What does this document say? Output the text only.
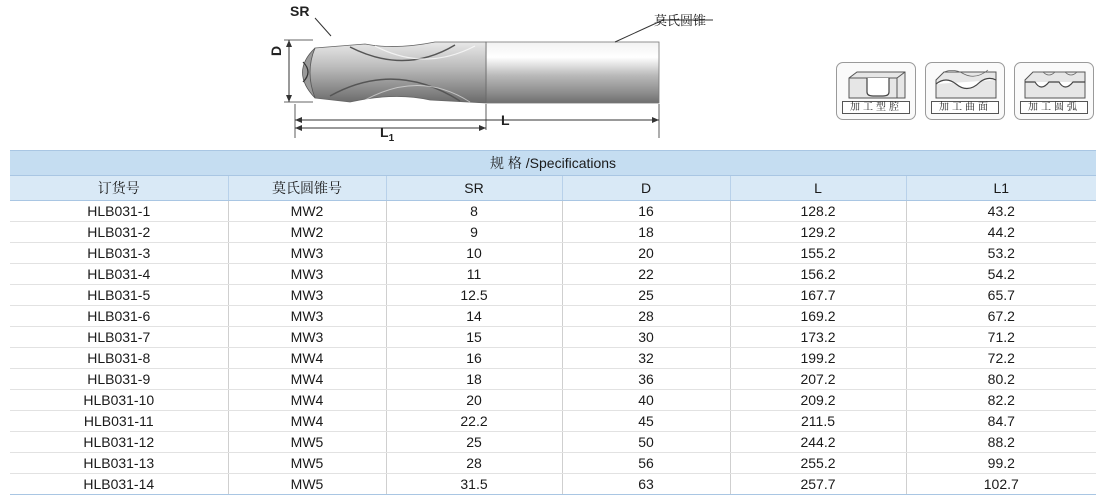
SR
莫氏圆锥
D
L
$L_1$
加工型腔	加工曲面	加工圆弧
规 格 /Specifications					
订货号	莫氏圆锥号	SR	D	L	L1
HLB031-1	MW2	8	16	128.2	43.2
HLB031-2	MW2	9	18	129.2	44.2
HLB031-3	MW3	10	20	155.2	53.2
HLB031-4	MW3	11	22	156.2	54.2
HLB031-5	MW3	12.5	25	167.7	65.7
HLB031-6	MW3	14	28	169.2	67.2
HLB031-7	MW3	15	30	173.2	71.2
HLB031-8	MW4	16	32	199.2	72.2
HLB031-9	MW4	18	36	207.2	80.2
HLB031-10	MW4	20	40	209.2	82.2
HLB031-11	MW4	22.2	45	211.5	84.7
HLB031-12	MW5	25	50	244.2	88.2
HLB031-13	MW5	28	56	255.2	99.2
HLB031-14	MW5	31.5	63	257.7	102.7
